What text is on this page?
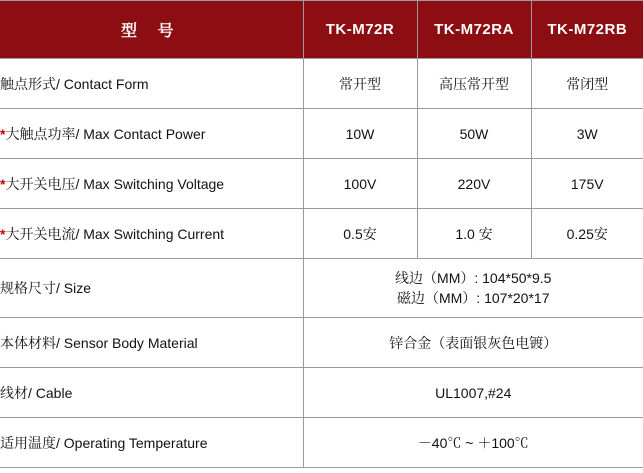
型 号	TK-M72R	TK-M72RA	TK-M72RB
触点形式/ Contact Form	常开型	高压常开型	常闭型
*大触点功率/ Max Contact Power	10W	50W	3W
*大开关电压/ Max Switching Voltage	100V	220V	175V
*大开关电流/ Max Switching Current	0.5安	1.0 安	0.25安
规格尺寸/ Size	线边（MM）: 104*50*9.5
磁边（MM）: 107*20*17		

本体材料/ Sensor Body Material	锌合金（表面银灰色电镀）		
线材/ Cable	UL1007,#24		
适用温度/ Operating Temperature	－40℃ ~ ＋100℃		
